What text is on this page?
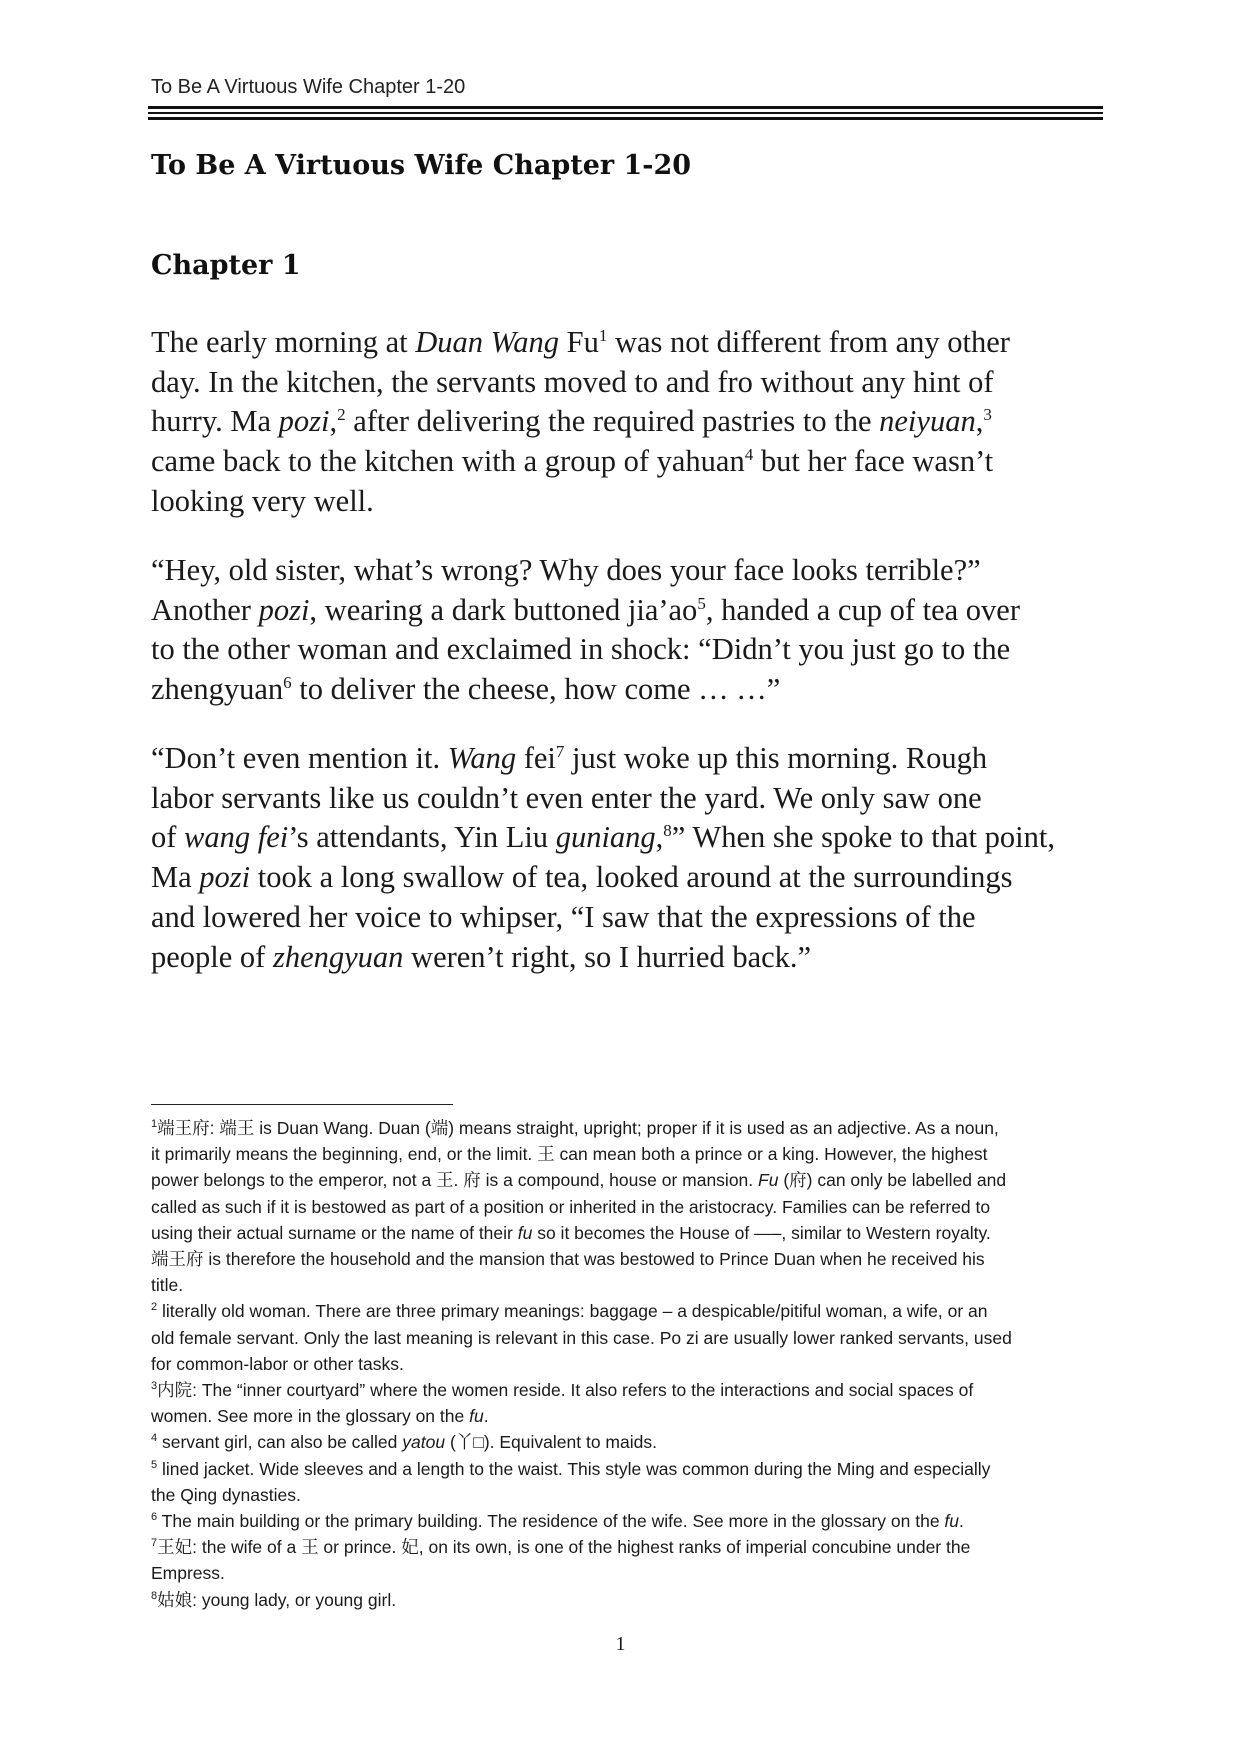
To Be A Virtuous Wife Chapter 1-20
To Be A Virtuous Wife Chapter 1-20
Chapter 1
The early morning at Duan Wang Fu$^1$ was not different from any other
day. In the kitchen, the servants moved to and fro without any hint of
hurry. Ma pozi,$^2$ after delivering the required pastries to the neiyuan,$^3$
came back to the kitchen with a group of yahuan$^4$ but her face wasn’t
looking very well.
“Hey, old sister, what’s wrong? Why does your face looks terrible?”
Another pozi, wearing a dark buttoned jia’ao$^5$, handed a cup of tea over
to the other woman and exclaimed in shock: “Didn’t you just go to the
zhengyuan$^6$ to deliver the cheese, how come … …”
“Don’t even mention it. Wang fei$^7$ just woke up this morning. Rough
labor servants like us couldn’t even enter the yard. We only saw one
of wang fei’s attendants, Yin Liu guniang,$^8$” When she spoke to that point,
Ma pozi took a long swallow of tea, looked around at the surroundings
and lowered her voice to whipser, “I saw that the expressions of the
people of zhengyuan weren’t right, so I hurried back.”
$^1$端王府: 端王 is Duan Wang. Duan (端) means straight, upright; proper if it is used as an adjective. As a noun,
it primarily means the beginning, end, or the limit. 王 can mean both a prince or a king. However, the highest
power belongs to the emperor, not a 王. 府 is a compound, house or mansion. Fu (府) can only be labelled and
called as such if it is bestowed as part of a position or inherited in the aristocracy. Families can be referred to
using their actual surname or the name of their fu so it becomes the House of —–, similar to Western royalty.
端王府 is therefore the household and the mansion that was bestowed to Prince Duan when he received his
title.
$^2$ literally old woman. There are three primary meanings: baggage – a despicable/pitiful woman, a wife, or an
old female servant. Only the last meaning is relevant in this case. Po zi are usually lower ranked servants, used
for common-labor or other tasks.
$^3$内院: The “inner courtyard” where the women reside. It also refers to the interactions and social spaces of
women. See more in the glossary on the fu.
$^4$ servant girl, can also be called yatou (丫□). Equivalent to maids.
$^5$ lined jacket. Wide sleeves and a length to the waist. This style was common during the Ming and especially
the Qing dynasties.
$^6$ The main building or the primary building. The residence of the wife. See more in the glossary on the fu.
$^7$王妃: the wife of a 王 or prince. 妃, on its own, is one of the highest ranks of imperial concubine under the
Empress.
$^8$姑娘: young lady, or young girl.
1
